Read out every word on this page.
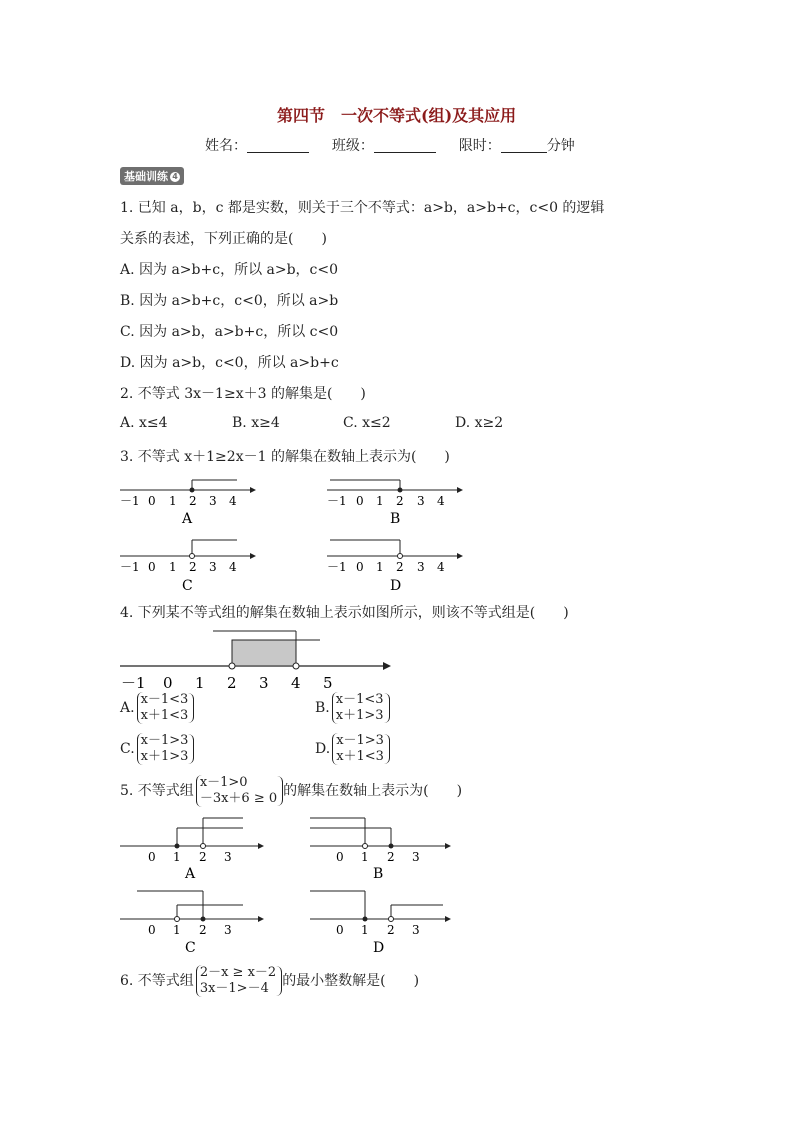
第四节　一次不等式(组)及其应用
姓名：	班级：	限时：	分钟
基础训练 4
1. 已知 a，b，c 都是实数，则关于三个不等式：a>b，a>b+c，c<0 的逻辑
关系的表述，下列正确的是(　　)
A. 因为 a>b+c，所以 a>b，c<0
B. 因为 a>b+c，c<0，所以 a>b
C. 因为 a>b，a>b+c，所以 c<0
D. 因为 a>b，c<0，所以 a>b+c
2. 不等式 3x－1≥x＋3 的解集是(　　)
A. x≤4	B. x≥4	C. x≤2	D. x≥2
3. 不等式 x＋1≥2x－1 的解集在数轴上表示为(　　)
－1 0 1 2 3 4
A
－1 0 1 2 3 4
B
－1 0 1 2 3 4
C
－1 0 1 2 3 4
D
4. 下列某不等式组的解集在数轴上表示如图所示，则该不等式组是(　　)
－1 0 1 2 3 4 5
A.
x－1<3
x＋1<3	B.
x－1<3
x＋1>3
C.
x－1>3
x＋1>3	D.
x－1>3
x＋1<3
5. 不等式组
x－1>0
－3x＋6 ≥ 0 的解集在数轴上表示为(　　)
0 1 2 3
A
0 1 2 3
B
0 1 2 3
C
0 1 2 3
D
6. 不等式组
2－x ≥ x－2
3x－1>－4 的最小整数解是(　　)
